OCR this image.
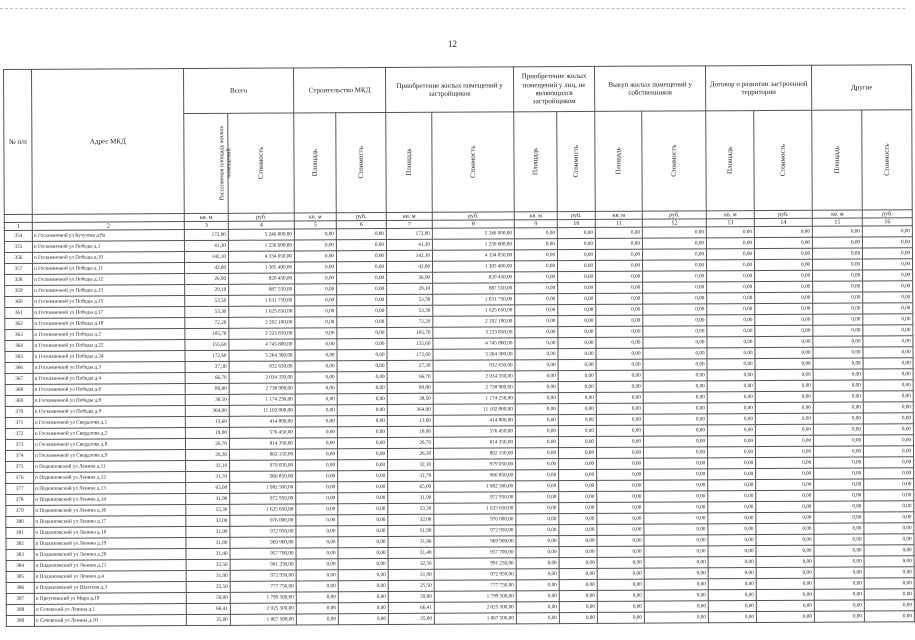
12
№ п/п	Адрес МКД	Всего		Строительство МКД		Приобретение жилых помещений у застройщиков		Приобретение жилых помещений у лиц, не являющихся застройщиком		Выкуп жилых помещений у собственников		Договор о развитии застроенной территории		Другие	

		Расселяемая площадь жилых помещений	Стоимость	Площадь	Стоимость	Площадь	Стоимость	Площадь	Стоимость	Площадь	Стоимость	Площадь	Стоимость	Площадь	Стоимость

		кв. м	руб.	кв. м	руб.	кв. м	руб.	кв. м	руб.	кв. м	руб.	кв. м	руб.	кв. м	руб.
1	2	3	4	5	6	7	8	9	10	11	12	13	14	15	16
354	п Госкимичной ул Кутузова д.8а	172,00	5 246 000,00	0,00	0,00	172,00	5 246 000,00	0,00	0,00	0,00	0,00	0,00	0,00	0,00	0,00
355	п Госкимичной ул Победы д.1	41,30	1 256 600,00	0,00	0,00	41,30	1 256 600,00	0,00	0,00	0,00	0,00	0,00	0,00	0,00	0,00
356	п Госкимичной ул Победы д.10	142,10	4 334 050,00	0,00	0,00	142,10	4 334 050,00	0,00	0,00	0,00	0,00	0,00	0,00	0,00	0,00
357	п Госкимичной ул Победы д.11	42,80	1 305 400,00	0,00	0,00	42,80	1 305 400,00	0,00	0,00	0,00	0,00	0,00	0,00	0,00	0,00
358	п Госкимичной ул Победы д.12	26,90	820 450,00	0,00	0,00	26,90	820 450,00	0,00	0,00	0,00	0,00	0,00	0,00	0,00	0,00
359	п Госкимичной ул Победы д.13	29,10	887 550,00	0,00	0,00	29,10	887 550,00	0,00	0,00	0,00	0,00	0,00	0,00	0,00	0,00
360	п Госкимичной ул Победы д.15	53,50	1 631 750,00	0,00	0,00	53,50	1 631 750,00	0,00	0,00	0,00	0,00	0,00	0,00	0,00	0,00
361	п Госкимичной ул Победы д.17	53,30	1 625 650,00	0,00	0,00	53,30	1 625 650,00	0,00	0,00	0,00	0,00	0,00	0,00	0,00	0,00
362	п Госкимичной ул Победы д.18	72,20	2 202 100,00	0,00	0,00	72,20	2 202 100,00	0,00	0,00	0,00	0,00	0,00	0,00	0,00	0,00
363	п Госкимичной ул Победы д.2	105,70	3 223 850,00	0,00	0,00	105,70	3 223 850,00	0,00	0,00	0,00	0,00	0,00	0,00	0,00	0,00
364	п Госкимичной ул Победы д.22	155,60	4 745 800,00	0,00	0,00	155,60	4 745 800,00	0,00	0,00	0,00	0,00	0,00	0,00	0,00	0,00
365	п Госкимичной ул Победы д.24	172,60	5 264 300,00	0,00	0,00	172,60	5 264 300,00	0,00	0,00	0,00	0,00	0,00	0,00	0,00	0,00
366	п Госкимичной ул Победы д.3	27,30	832 650,00	0,00	0,00	27,30	832 650,00	0,00	0,00	0,00	0,00	0,00	0,00	0,00	0,00
367	п Госкимичной ул Победы д.4	66,70	2 034 350,00	0,00	0,00	66,70	2 034 350,00	0,00	0,00	0,00	0,00	0,00	0,00	0,00	0,00
368	п Госкимичной ул Победы д.6	89,80	2 738 900,00	0,00	0,00	89,80	2 738 900,00	0,00	0,00	0,00	0,00	0,00	0,00	0,00	0,00
369	п Госкимичной ул Победы д.8	38,50	1 174 250,00	0,00	0,00	38,50	1 174 250,00	0,00	0,00	0,00	0,00	0,00	0,00	0,00	0,00
370	п Госкимичной ул Победы д.9	364,00	11 102 000,00	0,00	0,00	364,00	11 102 000,00	0,00	0,00	0,00	0,00	0,00	0,00	0,00	0,00
371	п Госкимичной ул Свердлова д.1	13,60	414 800,00	0,00	0,00	13,60	414 800,00	0,00	0,00	0,00	0,00	0,00	0,00	0,00	0,00
372	п Госкимичной ул Свердлова д.2	18,90	576 450,00	0,00	0,00	18,90	576 450,00	0,00	0,00	0,00	0,00	0,00	0,00	0,00	0,00
373	п Госкимичной ул Свердлова д.8	26,70	814 350,00	0,00	0,00	26,70	814 350,00	0,00	0,00	0,00	0,00	0,00	0,00	0,00	0,00
374	п Госкимичной ул Свердлова д.9	26,30	802 150,00	0,00	0,00	26,30	802 150,00	0,00	0,00	0,00	0,00	0,00	0,00	0,00	0,00
375	п Подкиповский ул Ленина д.11	32,10	979 050,00	0,00	0,00	32,10	979 050,00	0,00	0,00	0,00	0,00	0,00	0,00	0,00	0,00
376	п Подкиповский ул Ленина д.12	31,70	966 850,00	0,00	0,00	31,70	966 850,00	0,00	0,00	0,00	0,00	0,00	0,00	0,00	0,00
377	п Подкиповский ул Ленина д.13	65,00	1 982 500,00	0,00	0,00	65,00	1 982 500,00	0,00	0,00	0,00	0,00	0,00	0,00	0,00	0,00
378	п Подкиповский ул Ленина д.14	31,90	972 950,00	0,00	0,00	31,90	972 950,00	0,00	0,00	0,00	0,00	0,00	0,00	0,00	0,00
379	п Подкиповский ул Ленина д.16	53,30	1 625 650,00	0,00	0,00	53,30	1 625 650,00	0,00	0,00	0,00	0,00	0,00	0,00	0,00	0,00
380	п Подкиповский ул Ленина д.17	32,00	976 000,00	0,00	0,00	32,00	976 000,00	0,00	0,00	0,00	0,00	0,00	0,00	0,00	0,00
381	п Подкиповский ул Ленина д.18	31,90	972 950,00	0,00	0,00	31,90	972 950,00	0,00	0,00	0,00	0,00	0,00	0,00	0,00	0,00
382	п Подкиповский ул Ленина д.19	31,80	969 900,00	0,00	0,00	31,80	969 900,00	0,00	0,00	0,00	0,00	0,00	0,00	0,00	0,00
383	п Подкиповский ул Ленина д.20	31,40	957 700,00	0,00	0,00	31,40	957 700,00	0,00	0,00	0,00	0,00	0,00	0,00	0,00	0,00
384	п Подкиповский ул Ленина д.21	32,50	991 250,00	0,00	0,00	32,50	991 250,00	0,00	0,00	0,00	0,00	0,00	0,00	0,00	0,00
385	п Подкиповский ул Ленина д.4	31,90	972 950,00	0,00	0,00	31,90	972 950,00	0,00	0,00	0,00	0,00	0,00	0,00	0,00	0,00
386	п Подкиповский ул Шахтная д.3	25,50	777 750,00	0,00	0,00	25,50	777 750,00	0,00	0,00	0,00	0,00	0,00	0,00	0,00	0,00
387	п Преуповский ул Мира д.19	59,00	1 799 500,00	0,00	0,00	59,00	1 799 500,00	0,00	0,00	0,00	0,00	0,00	0,00	0,00	0,00
388	п Сечевский ул Ленина д.1	66,41	2 025 500,00	0,00	0,00	66,41	2 025 500,00	0,00	0,00	0,00	0,00	0,00	0,00	0,00	0,00
389	п Сечевский ул Ленина д.10	35,00	1 067 500,00	0,00	0,00	35,00	1 067 500,00	0,00	0,00	0,00	0,00	0,00	0,00	0,00	0,00
